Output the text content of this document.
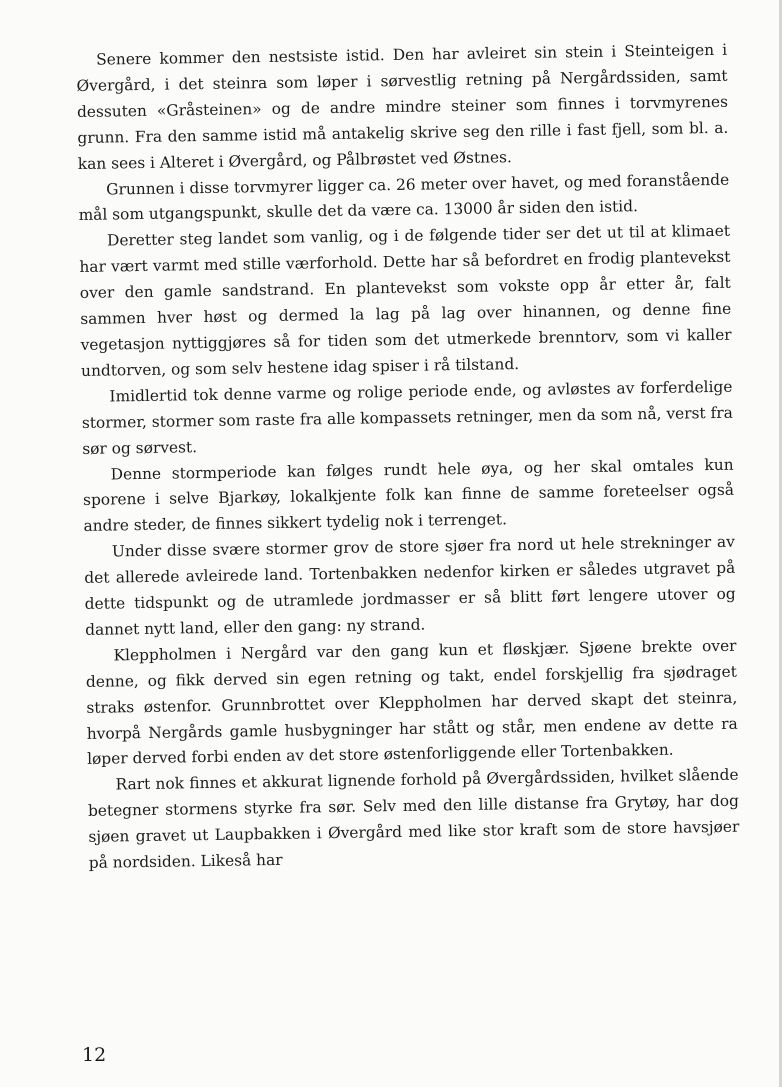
Senere kommer den nestsiste istid. Den har avleiret sin stein i Steinteigen i Øvergård, i det steinra som løper i sørvestlig retning på Nergårdssiden, samt dessuten «Gråsteinen» og de andre mindre steiner som finnes i torvmyrenes grunn. Fra den samme istid må antakelig skrive seg den rille i fast fjell, som bl. a. kan sees i Alteret i Øvergård, og Pålbrøstet ved Østnes.

Grunnen i disse torvmyrer ligger ca. 26 meter over havet, og med foranstående mål som utgangspunkt, skulle det da være ca. 13000 år siden den istid.

Deretter steg landet som vanlig, og i de følgende tider ser det ut til at klimaet har vært varmt med stille værforhold. Dette har så befordret en frodig plantevekst over den gamle sandstrand. En plantevekst som vokste opp år etter år, falt sammen hver høst og dermed la lag på lag over hinannen, og denne fine vegetasjon nyttiggjøres så for tiden som det utmerkede brenntorv, som vi kaller undtorven, og som selv hestene idag spiser i rå tilstand.

Imidlertid tok denne varme og rolige periode ende, og avløstes av forferdelige stormer, stormer som raste fra alle kompassets retninger, men da som nå, verst fra sør og sørvest.

Denne stormperiode kan følges rundt hele øya, og her skal omtales kun sporene i selve Bjarkøy, lokalkjente folk kan finne de samme foreteelser også andre steder, de finnes sikkert tydelig nok i terrenget.

Under disse svære stormer grov de store sjøer fra nord ut hele strekninger av det allerede avleirede land. Tortenbakken nedenfor kirken er således utgravet på dette tidspunkt og de utramlede jordmasser er så blitt ført lengere utover og dannet nytt land, eller den gang: ny strand.

Kleppholmen i Nergård var den gang kun et fløskjær. Sjøene brekte over denne, og fikk derved sin egen retning og takt, endel forskjellig fra sjødraget straks østenfor. Grunnbrottet over Kleppholmen har derved skapt det steinra, hvorpå Nergårds gamle husbygninger har stått og står, men endene av dette ra løper derved forbi enden av det store østenforliggende eller Tortenbakken.

Rart nok finnes et akkurat lignende forhold på Øvergårdssiden, hvilket slående betegner stormens styrke fra sør. Selv med den lille distanse fra Grytøy, har dog sjøen gravet ut Laupbakken i Øvergård med like stor kraft som de store havsjøer på nordsiden. Likeså har

12
